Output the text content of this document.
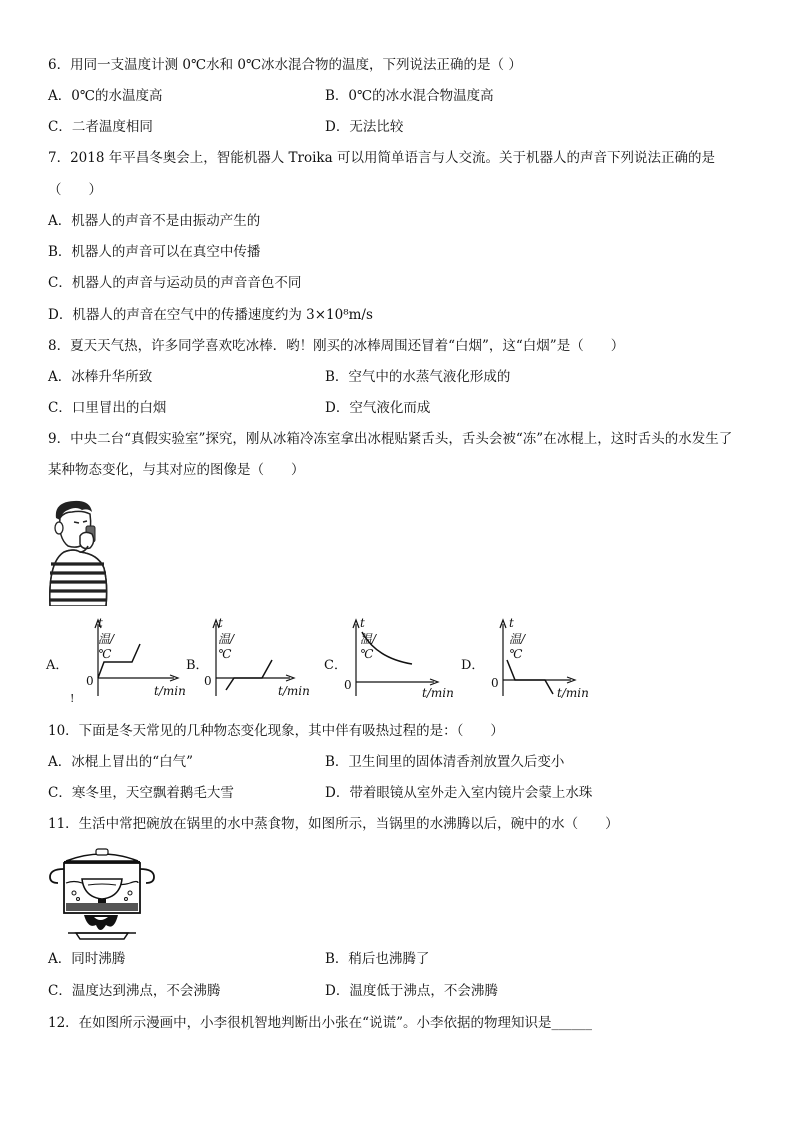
6．用同一支温度计测 0℃水和 0℃冰水混合物的温度，下列说法正确的是（ ）
A．0℃的水温度高	B．0℃的冰水混合物温度高
C．二者温度相同	D．无法比较
7．2018 年平昌冬奥会上，智能机器人 Troika 可以用简单语言与人交流。关于机器人的声音下列说法正确的是
（　　）
A．机器人的声音不是由振动产生的
B．机器人的声音可以在真空中传播
C．机器人的声音与运动员的声音音色不同
D．机器人的声音在空气中的传播速度约为 3×10⁸m/s
8．夏天天气热，许多同学喜欢吃冰棒．哟！刚买的冰棒周围还冒着“白烟”，这“白烟”是（　　）
A．冰棒升华所致	B．空气中的水蒸气液化形成的
C．口里冒出的白烟	D．空气液化而成
9．中央二台“真假实验室”探究，刚从冰箱冷冻室拿出冰棍贴紧舌头，舌头会被“冻”在冰棍上，这时舌头的水发生了
某种物态变化，与其对应的图像是（　　）
A．
t温/℃
0
t/min
!
B．
t温/℃
0
t/min
C．
t温/℃
0
t/min
D．
t温/℃
0
t/min
10．下面是冬天常见的几种物态变化现象，其中伴有吸热过程的是：（　　）
A．冰棍上冒出的“白气”	B．卫生间里的固体清香剂放置久后变小
C．寒冬里，天空飘着鹅毛大雪	D．带着眼镜从室外走入室内镜片会蒙上水珠
11．生活中常把碗放在锅里的水中蒸食物，如图所示，当锅里的水沸腾以后，碗中的水（　　）
A．同时沸腾	B．稍后也沸腾了
C．温度达到沸点，不会沸腾	D．温度低于沸点，不会沸腾
12．在如图所示漫画中，小李很机智地判断出小张在“说谎”。小李依据的物理知识是______
